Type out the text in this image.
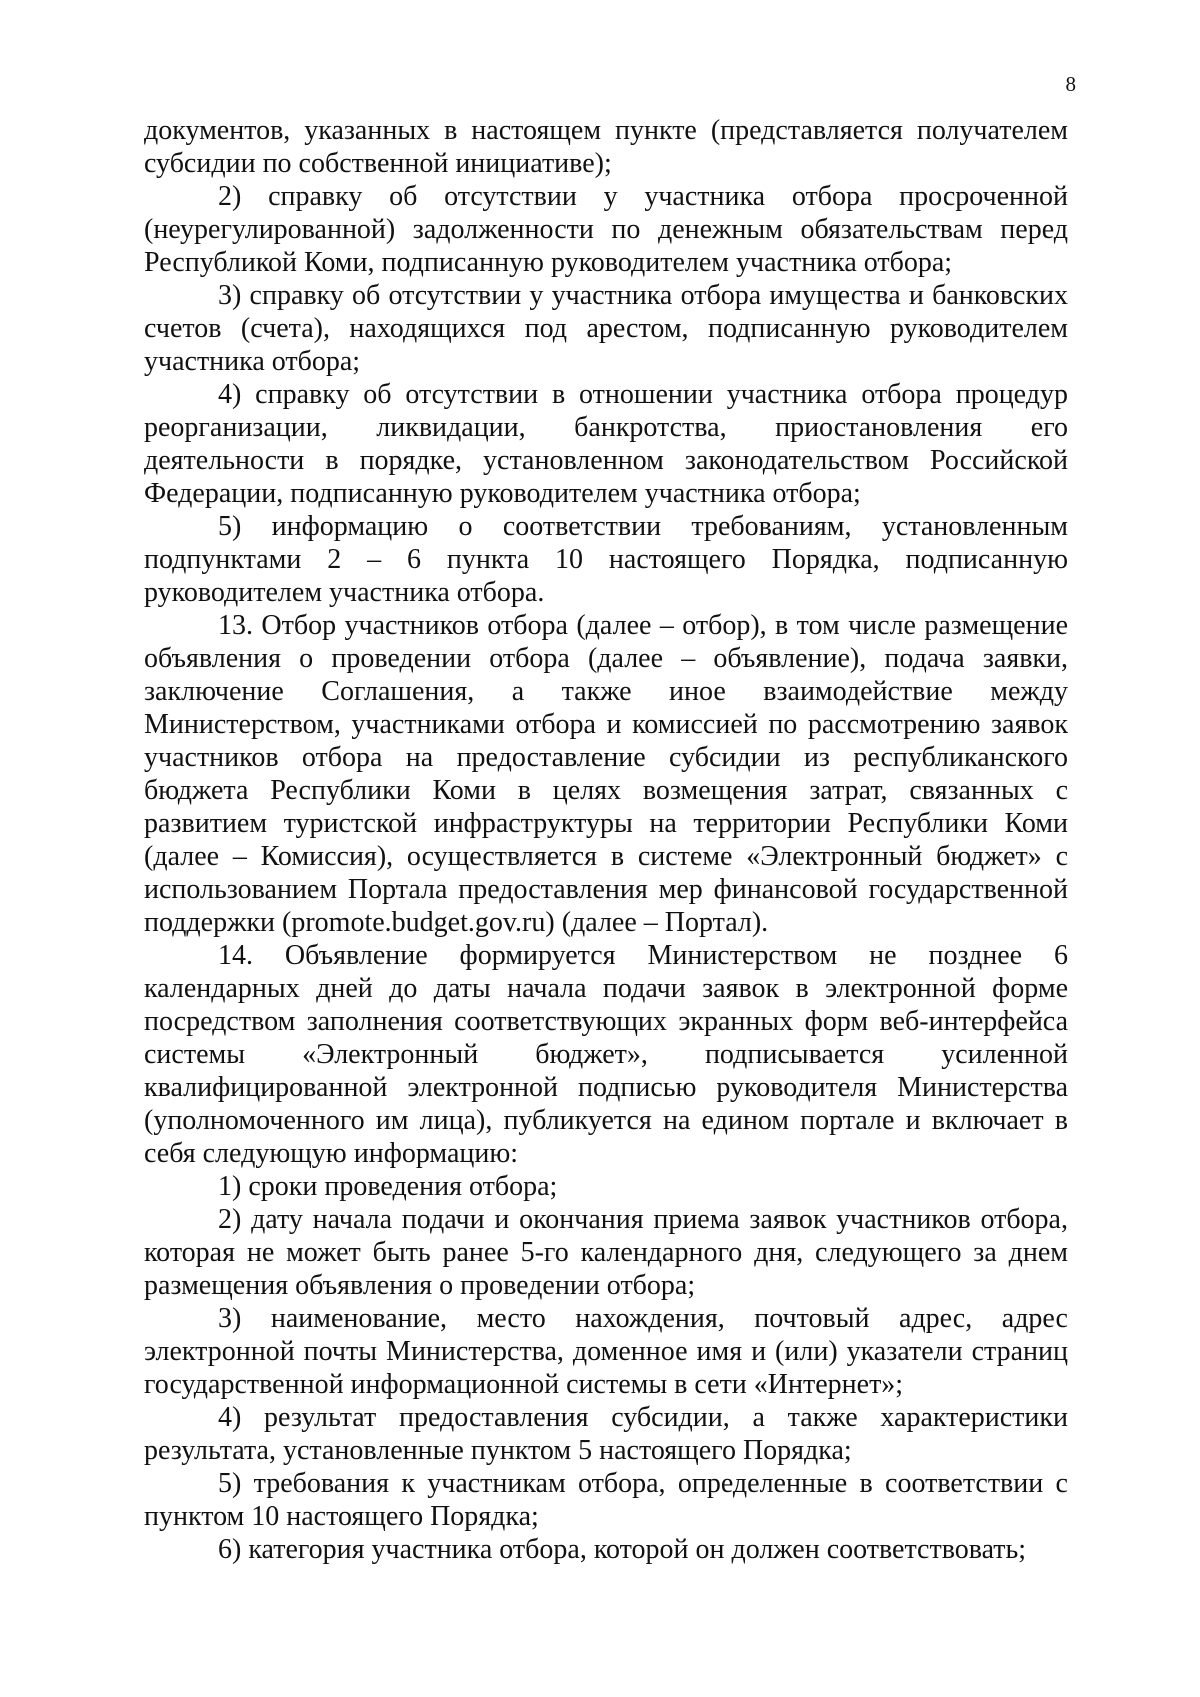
8

документов, указанных в настоящем пункте (представляется получателем субсидии по собственной инициативе);

2) справку об отсутствии у участника отбора просроченной (неурегулированной) задолженности по денежным обязательствам перед Республикой Коми, подписанную руководителем участника отбора;

3) справку об отсутствии у участника отбора имущества и банковских счетов (счета), находящихся под арестом, подписанную руководителем участника отбора;

4) справку об отсутствии в отношении участника отбора процедур реорганизации, ликвидации, банкротства, приостановления его деятельности в порядке, установленном законодательством Российской Федерации, подписанную руководителем участника отбора;

5) информацию о соответствии требованиям, установленным подпунктами 2 – 6 пункта 10 настоящего Порядка, подписанную руководителем участника отбора.

13. Отбор участников отбора (далее – отбор), в том числе размещение объявления о проведении отбора (далее – объявление), подача заявки, заключение Соглашения, а также иное взаимодействие между Министерством, участниками отбора и комиссией по рассмотрению заявок участников отбора на предоставление субсидии из республиканского бюджета Республики Коми в целях возмещения затрат, связанных с развитием туристской инфраструктуры на территории Республики Коми (далее – Комиссия), осуществляется в системе «Электронный бюджет» с использованием Портала предоставления мер финансовой государственной поддержки (promote.budget.gov.ru) (далее – Портал).

14. Объявление формируется Министерством не позднее 6 календарных дней до даты начала подачи заявок в электронной форме посредством заполнения соответствующих экранных форм веб-интерфейса системы «Электронный бюджет», подписывается усиленной квалифицированной электронной подписью руководителя Министерства (уполномоченного им лица), публикуется на едином портале и включает в себя следующую информацию:

1) сроки проведения отбора;

2) дату начала подачи и окончания приема заявок участников отбора, которая не может быть ранее 5-го календарного дня, следующего за днем размещения объявления о проведении отбора;

3) наименование, место нахождения, почтовый адрес, адрес электронной почты Министерства, доменное имя и (или) указатели страниц государственной информационной системы в сети «Интернет»;

4) результат предоставления субсидии, а также характеристики результата, установленные пунктом 5 настоящего Порядка;

5) требования к участникам отбора, определенные в соответствии с пунктом 10 настоящего Порядка;

6) категория участника отбора, которой он должен соответствовать;
